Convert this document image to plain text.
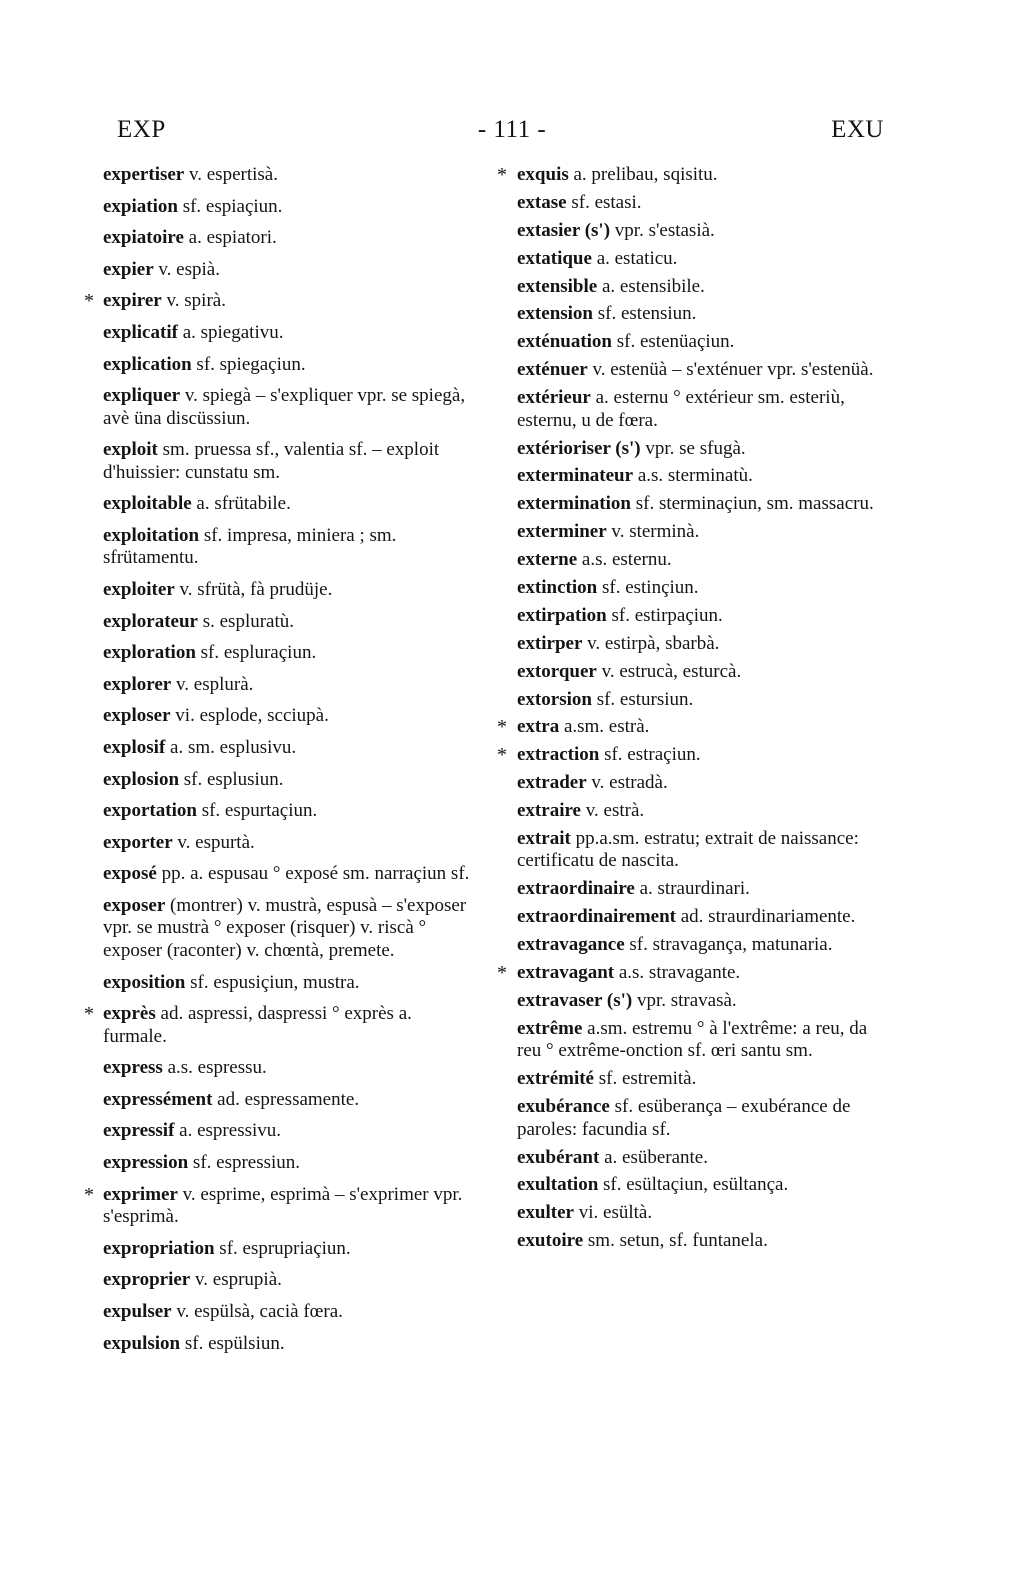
EXP	- 111 -	EXU
expertiser v. espertisà.
expiation sf. espiaçiun.
expiatoire a. espiatori.
expier v. espià.
* expirer v. spirà.
explicatif a. spiegativu.
explication sf. spiegaçiun.
expliquer v. spiegà – s'expliquer vpr. se spiegà, avè üna discüssiun.
exploit sm. pruessa sf., valentia sf. – exploit d'huissier: cunstatu sm.
exploitable a. sfrütabile.
exploitation sf. impresa, miniera ; sm. sfrütamentu.
exploiter v. sfrütà, fà prudüje.
explorateur s. espluratù.
exploration sf. espluraçiun.
explorer v. esplurà.
exploser vi. esplode, scciupà.
explosif a. sm. esplusivu.
explosion sf. esplusiun.
exportation sf. espurtaçiun.
exporter v. espurtà.
exposé pp. a. espusau ° exposé sm. narraçiun sf.
exposer (montrer) v. mustrà, espusà – s'exposer vpr. se mustrà ° exposer (risquer) v. riscà ° exposer (raconter) v. chœntà, premete.
exposition sf. espusiçiun, mustra.
* exprès ad. aspressi, daspressi ° exprès a. furmale.
express a.s. espressu.
expressément ad. espressamente.
expressif a. espressivu.
expression sf. espressiun.
* exprimer v. esprime, esprimà – s'exprimer vpr. s'esprimà.
expropriation sf. esprupriaçiun.
exproprier v. esprupià.
expulser v. espülsà, cacià fœra.
expulsion sf. espülsiun.
* exquis a. prelibau, sqisitu.
extase sf. estasi.
extasier (s') vpr. s'estasià.
extatique a. estaticu.
extensible a. estensibile.
extension sf. estensiun.
exténuation sf. estenüaçiun.
exténuer v. estenüà – s'exténuer vpr. s'estenüà.
extérieur a. esternu ° extérieur sm. esteriù, esternu, u de fœra.
extérioriser (s') vpr. se sfugà.
exterminateur a.s. sterminatù.
extermination sf. sterminaçiun, sm. massacru.
exterminer v. sterminà.
externe a.s. esternu.
extinction sf. estinçiun.
extirpation sf. estirpaçiun.
extirper v. estirpà, sbarbà.
extorquer v. estrucà, esturcà.
extorsion sf. estursiun.
* extra a.sm. estrà.
* extraction sf. estraçiun.
extrader v. estradà.
extraire v. estrà.
extrait pp.a.sm. estratu; extrait de naissance: certificatu de nascita.
extraordinaire a. straurdinari.
extraordinairement ad. straurdinariamente.
extravagance sf. stravagança, matunaria.
* extravagant a.s. stravagante.
extravaser (s') vpr. stravasà.
extrême a.sm. estremu ° à l'extrême: a reu, da reu ° extrême-onction sf. œri santu sm.
extrémité sf. estremità.
exubérance sf. esüberança – exubérance de paroles: facundia sf.
exubérant a. esüberante.
exultation sf. esültaçiun, esültança.
exulter vi. esültà.
exutoire sm. setun, sf. funtanela.
